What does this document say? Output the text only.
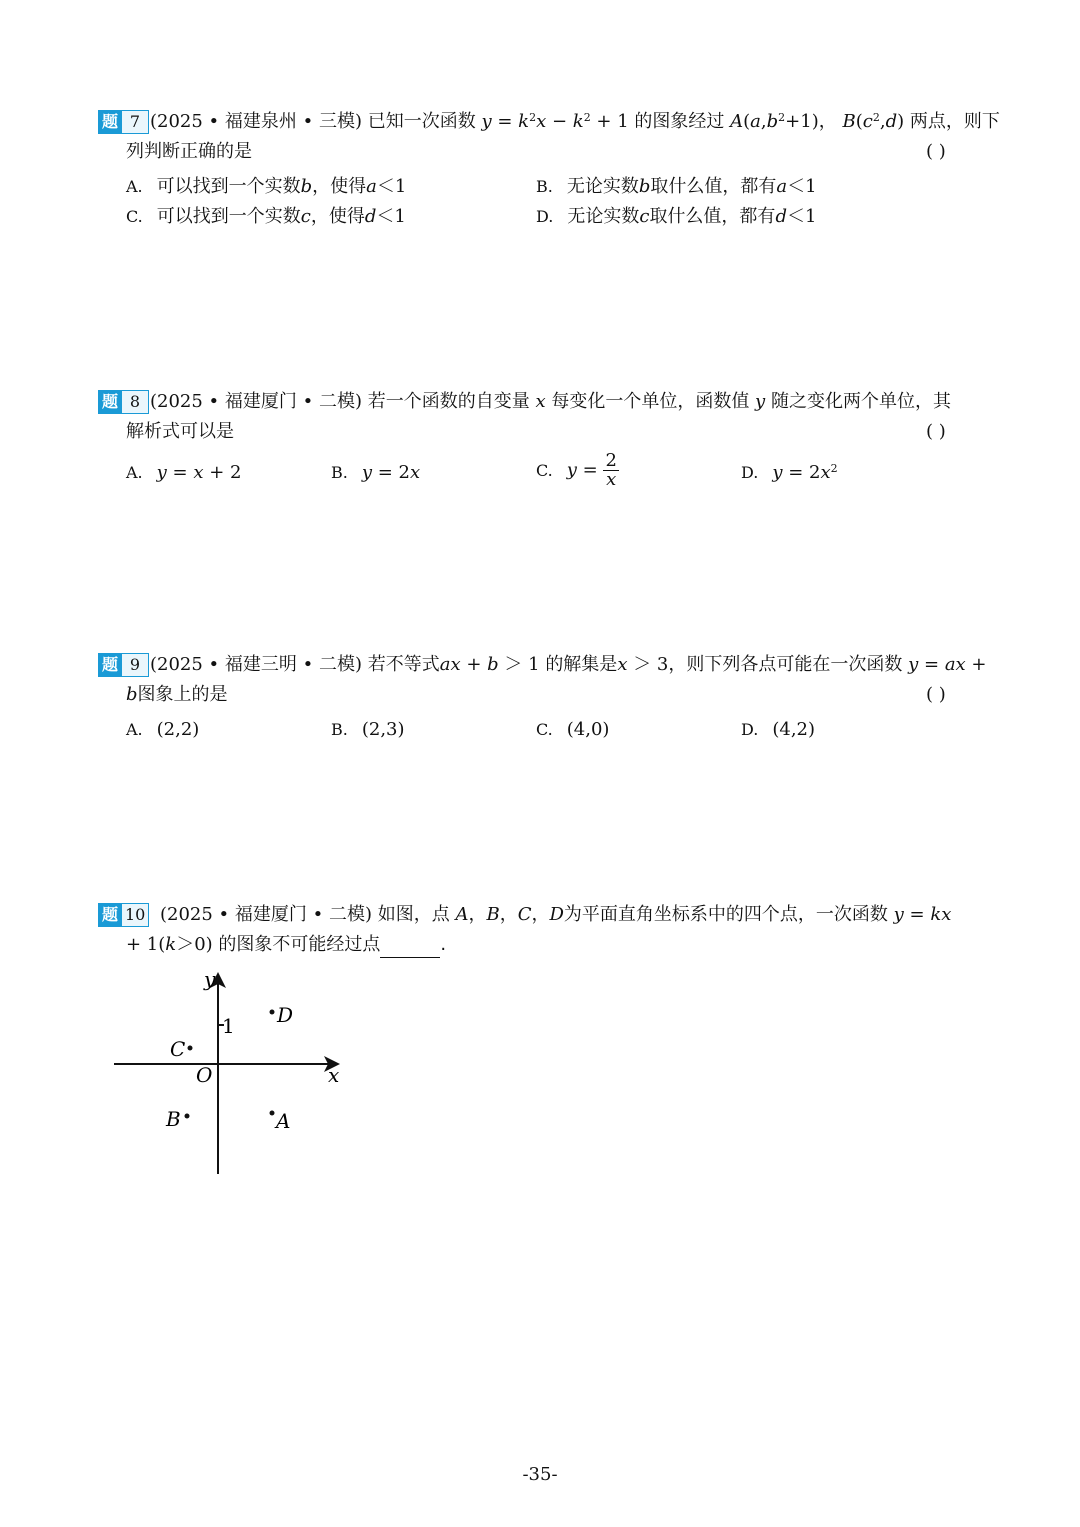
题 7 (2025 • 福建泉州 • 三模) 已知一次函数 $y = k^2x - k^2 + 1$ 的图象经过 $A(a,b^2+1)$， $B(c^2,d)$ 两点，则下
列判断正确的是	( )
A. 可以找到一个实数b，使得a＜1	B. 无论实数b取什么值，都有a＜1
C. 可以找到一个实数c，使得d＜1	D. 无论实数c取什么值，都有d＜1
题 8 (2025 • 福建厦门 • 二模) 若一个函数的自变量 x 每变化一个单位，函数值 y 随之变化两个单位，其
解析式可以是	( )
A. y = x + 2	B. y = 2x	C. $y = \frac{2}{x}$	D. $y = 2x^2$
题 9 (2025 • 福建三明 • 二模) 若不等式ax + b ＞ 1 的解集是x ＞ 3，则下列各点可能在一次函数 y = ax +
b图象上的是	( )
A. (2,2)	B. (2,3)	C. (4,0)	D. (4,2)
题 10 (2025 • 福建厦门 • 二模) 如图，点 A，B，C，D为平面直角坐标系中的四个点，一次函数 y = kx
+ 1(k＞0) 的图象不可能经过点	.
y
x
O
1 D
C
B	A
-35-
